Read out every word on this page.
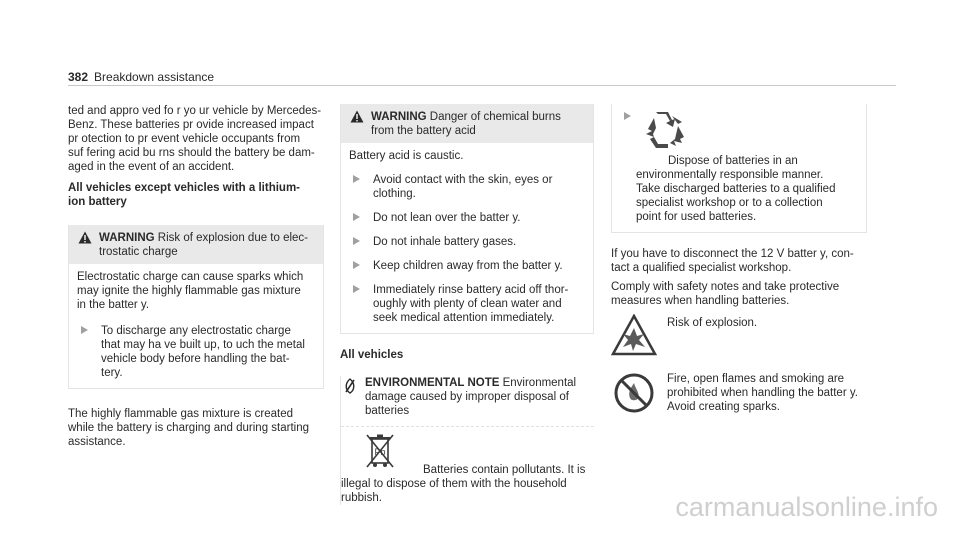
382 Breakdown assistance
ted and appro ved fo r yo ur vehicle by Mercedes-
Benz. These batteries pr ovide increased impact
pr otection to pr event vehicle occupants from
suf fering acid bu rns should the battery be dam‐
aged in the event of an accident.
All vehicles except vehicles with a lithium-
ion battery
WARNING Risk of explosion due to elec‐
trostatic charge
Electrostatic charge can cause sparks which
may ignite the highly flammable gas mixture
in the batter y.
To discharge any electrostatic charge
that may ha ve built up, to uch the metal
vehicle body before handling the bat‐
tery.
The highly flammable gas mixture is created
while the battery is charging and during starting
assistance.
WARNING Danger of chemical burns
from the battery acid
Battery acid is caustic.
Avoid contact with the skin, eyes or
clothing.
Do not lean over the batter y.
Do not inhale battery gases.
Keep children away from the batter y.
Immediately rinse battery acid off thor‐
oughly with plenty of clean water and
seek medical attention immediately.
All vehicles
ENVIRONMENTAL NOTE Environmental
damage caused by improper disposal of
batteries
Pb
Batteries contain pollutants. It is
illegal to dispose of them with the household
rubbish.
Dispose of batteries in an
environmentally responsible manner.
Take discharged batteries to a qualified
specialist workshop or to a collection
point for used batteries.
If you have to disconnect the 12 V batter y, con‐
tact a qualified specialist workshop.
Comply with safety notes and take protective
measures when handling batteries.
Risk of explosion.
Fire, open flames and smoking are
prohibited when handling the batter y.
Avoid creating sparks.
carmanualsonline.info
